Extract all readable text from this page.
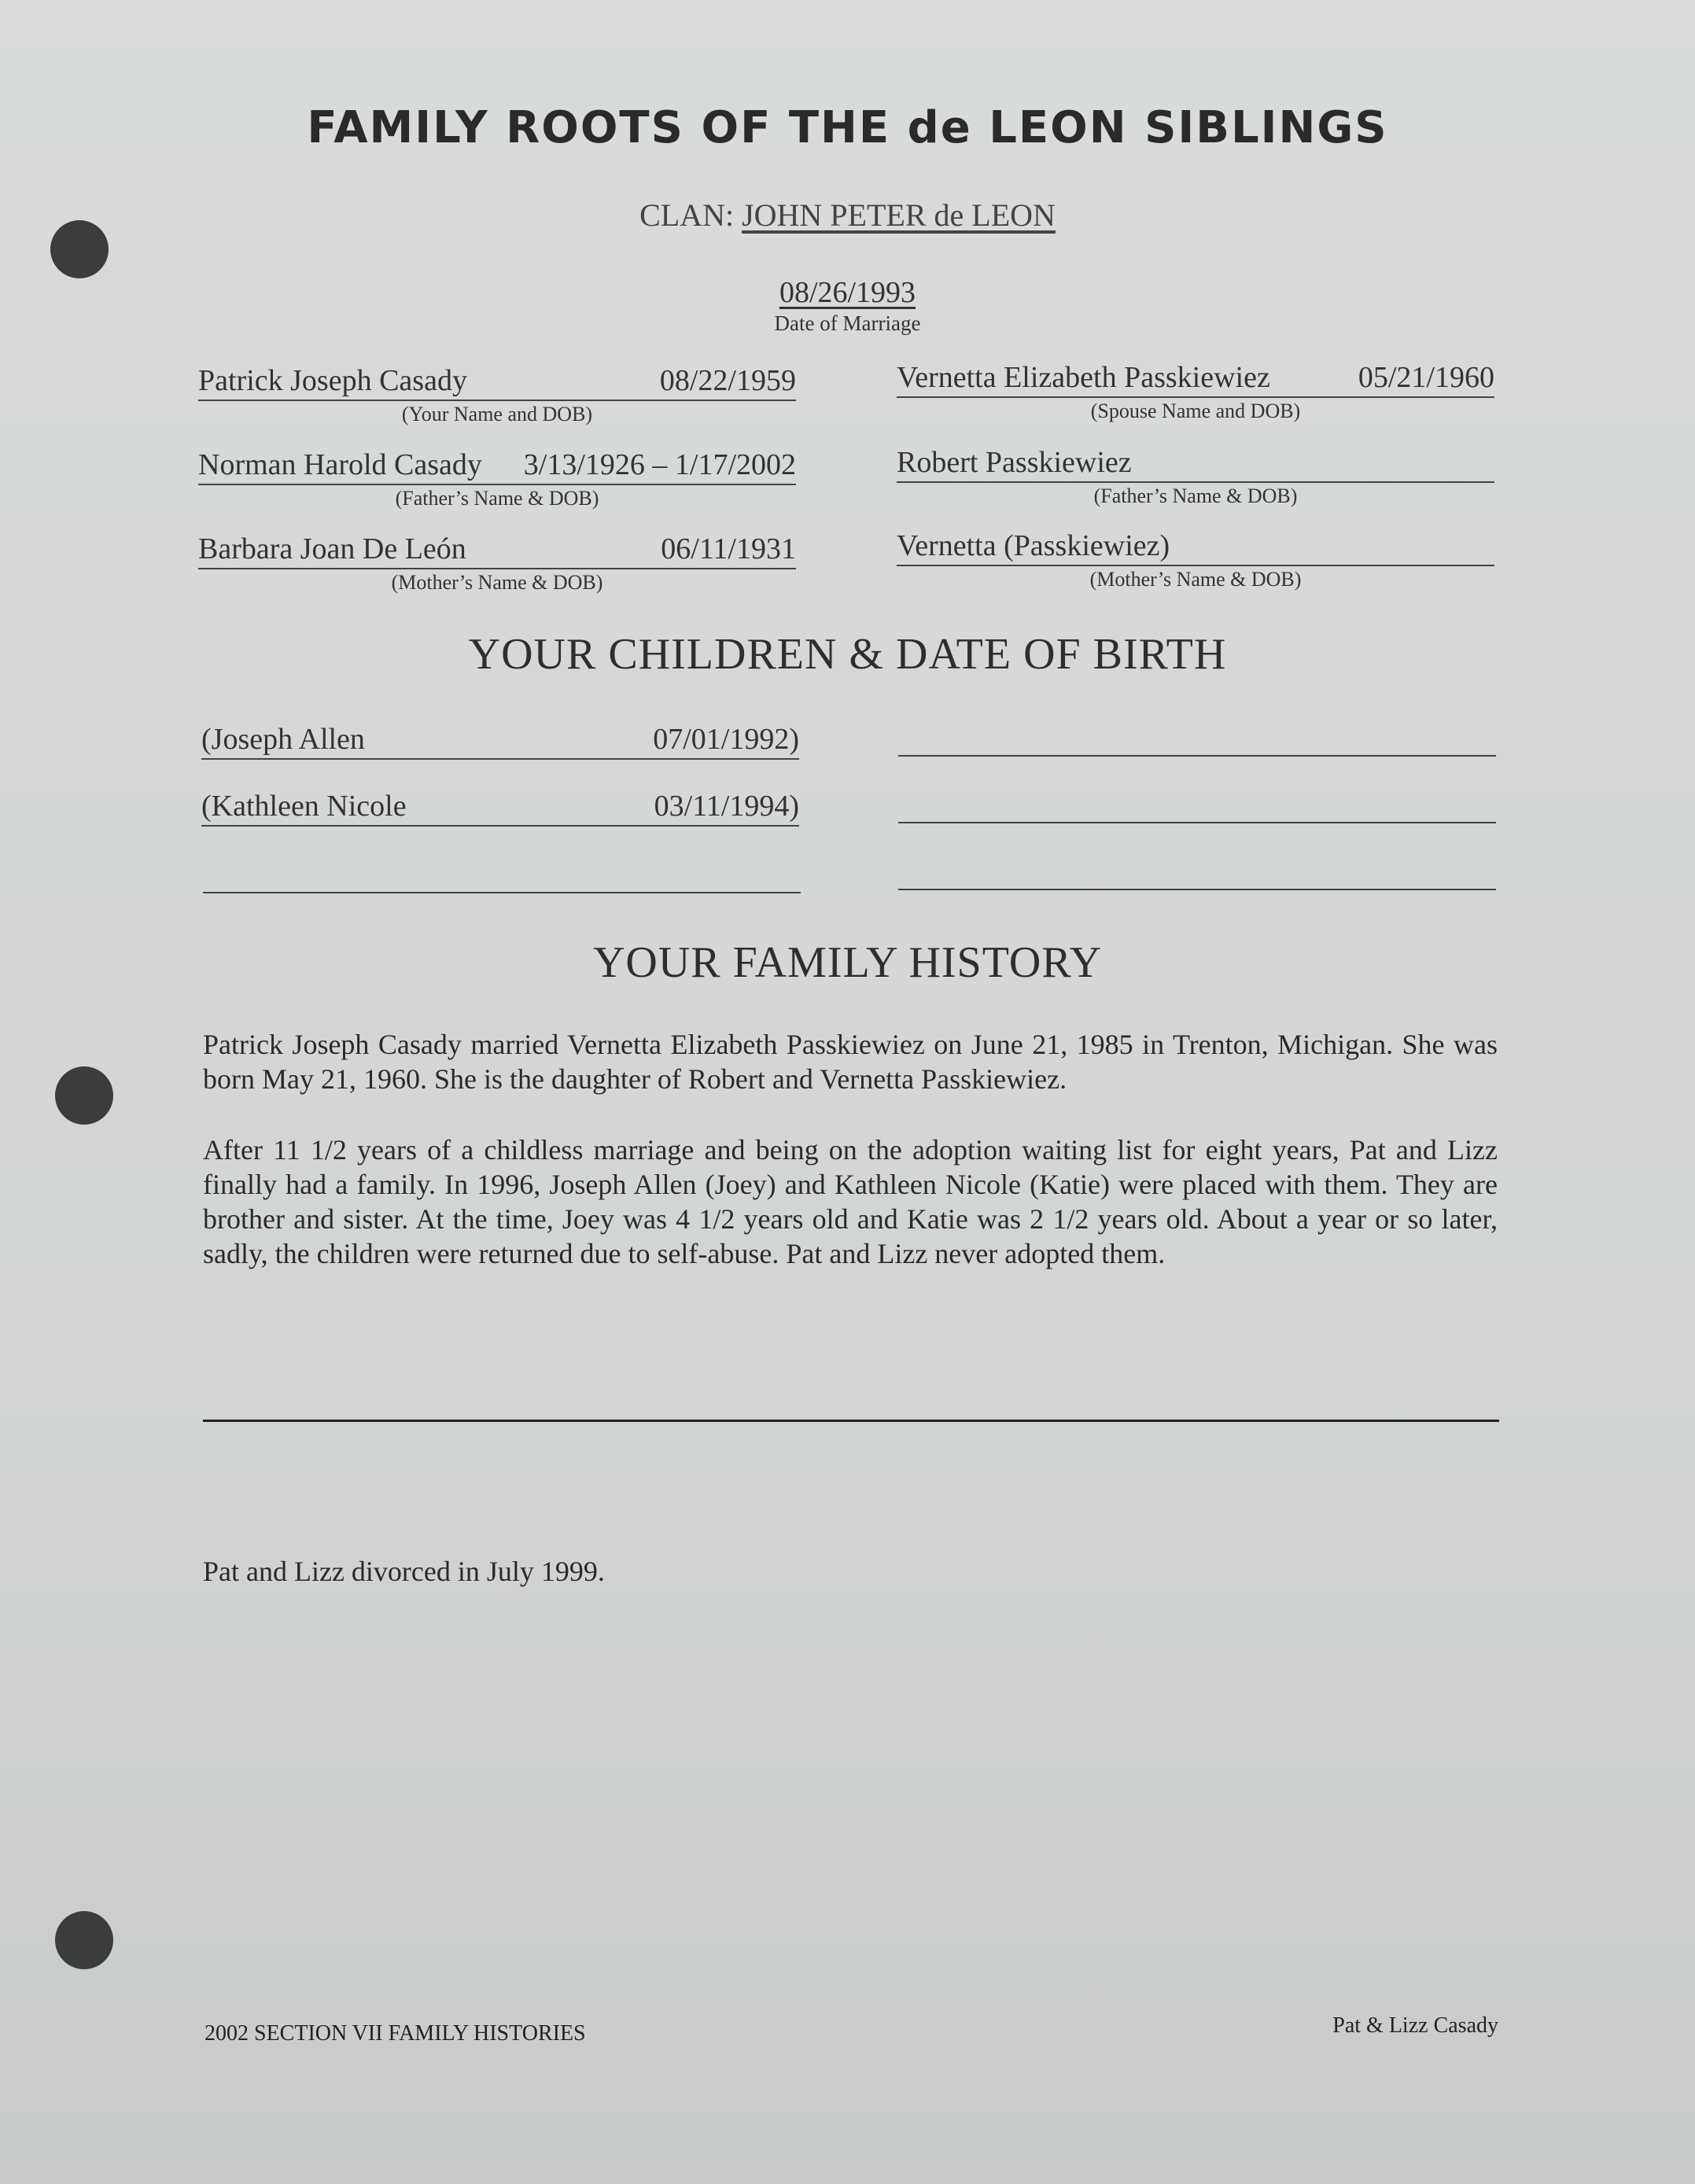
FAMILY ROOTS OF THE de LEON SIBLINGS
CLAN: JOHN PETER de LEON
08/26/1993
Date of Marriage
Patrick Joseph Casady	08/22/1959
(Your Name and DOB)
Norman Harold Casady 3/13/1926 – 1/17/2002
(Father’s Name & DOB)
Barbara Joan De León	06/11/1931
(Mother’s Name & DOB)
Vernetta Elizabeth Passkiewiez	05/21/1960
(Spouse Name and DOB)
Robert Passkiewiez
(Father’s Name & DOB)
Vernetta (Passkiewiez)
(Mother’s Name & DOB)
YOUR CHILDREN & DATE OF BIRTH
(Joseph Allen	07/01/1992)
(Kathleen Nicole	03/11/1994)
YOUR FAMILY HISTORY
Patrick Joseph Casady married Vernetta Elizabeth Passkiewiez on June 21, 1985 in Trenton, Michigan. She was born May 21, 1960. She is the daughter of Robert and Vernetta Passkiewiez.
After 11 1/2 years of a childless marriage and being on the adoption waiting list for eight years, Pat and Lizz finally had a family. In 1996, Joseph Allen (Joey) and Kathleen Nicole (Katie) were placed with them. They are brother and sister. At the time, Joey was 4 1/2 years old and Katie was 2 1/2 years old. About a year or so later, sadly, the children were returned due to self-abuse. Pat and Lizz never adopted them.
Pat and Lizz divorced in July 1999.
2002 SECTION VII FAMILY HISTORIES	Pat & Lizz Casady
